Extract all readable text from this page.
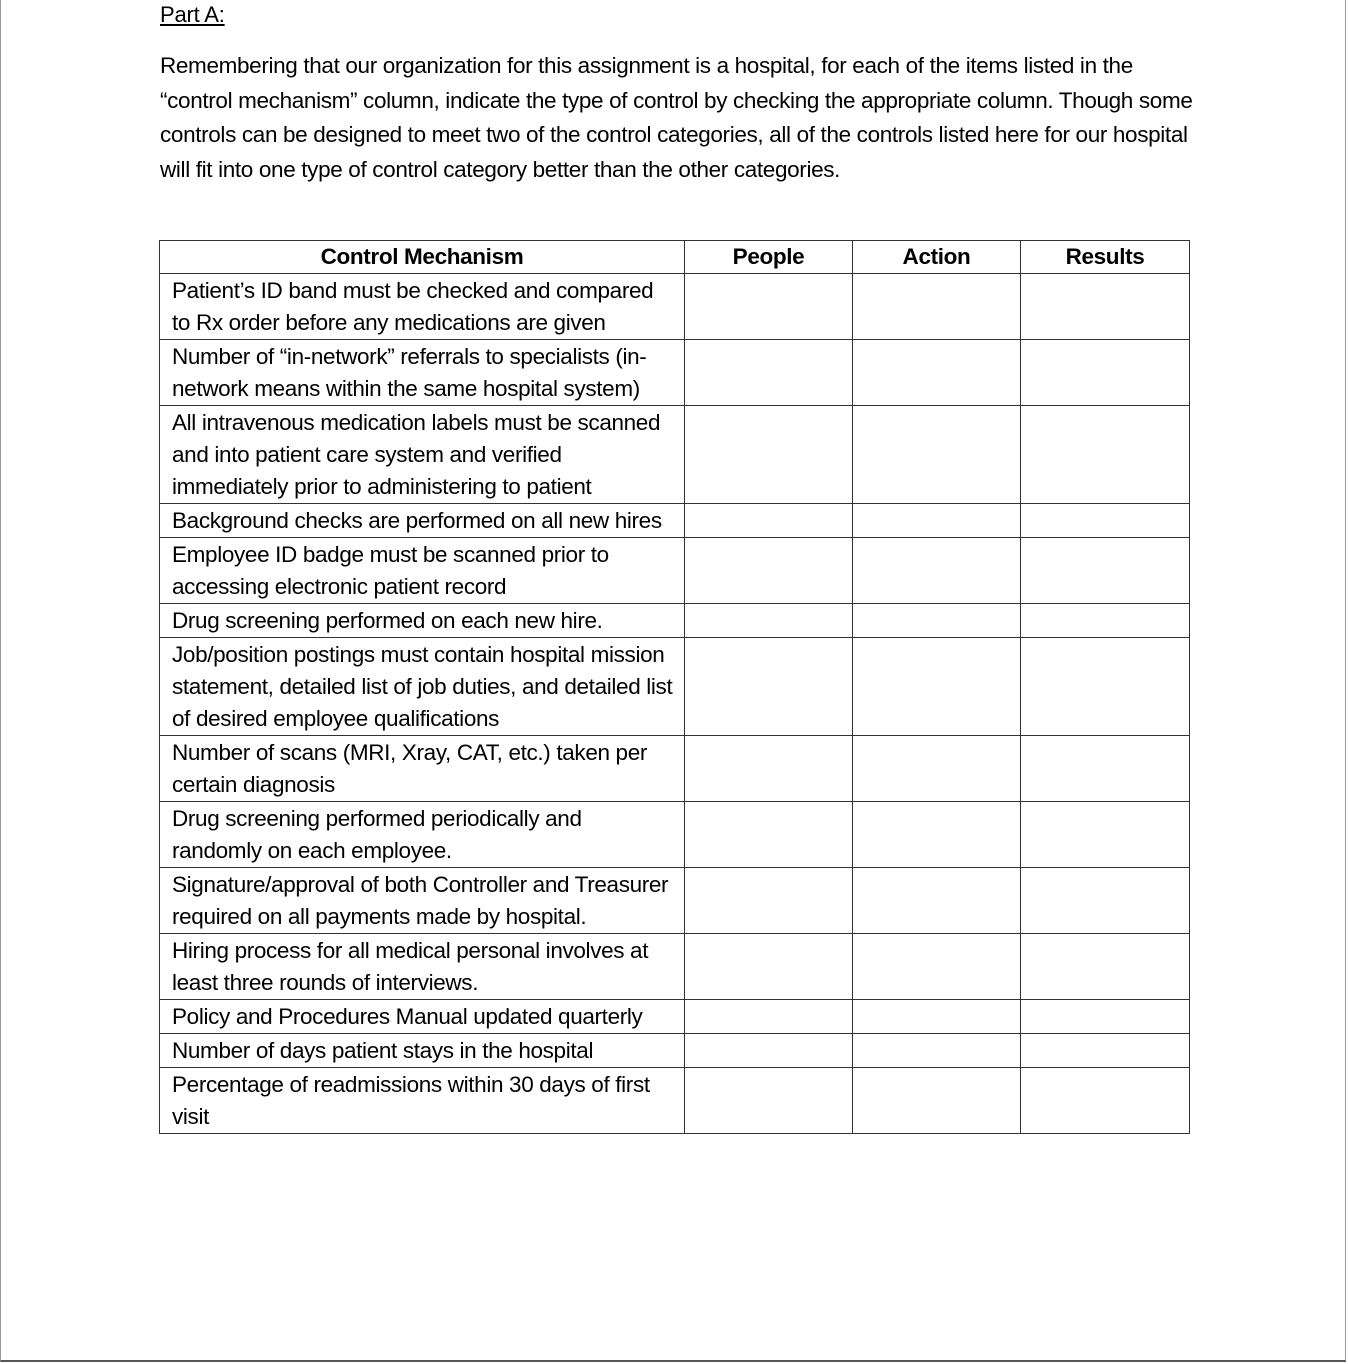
Part A:

Remembering that our organization for this assignment is a hospital, for each of the items listed in the “control mechanism” column, indicate the type of control by checking the appropriate column. Though some controls can be designed to meet two of the control categories, all of the controls listed here for our hospital will fit into one type of control category better than the other categories.

Control Mechanism	People	Action	Results
Patient’s ID band must be checked and compared to Rx order before any medications are given			
Number of “in-network” referrals to specialists (in-network means within the same hospital system)			
All intravenous medication labels must be scanned and into patient care system and verified immediately prior to administering to patient			
Background checks are performed on all new hires			
Employee ID badge must be scanned prior to accessing electronic patient record			
Drug screening performed on each new hire.			
Job/position postings must contain hospital mission statement, detailed list of job duties, and detailed list of desired employee qualifications			
Number of scans (MRI, Xray, CAT, etc.) taken per certain diagnosis			
Drug screening performed periodically and randomly on each employee.			
Signature/approval of both Controller and Treasurer required on all payments made by hospital.			
Hiring process for all medical personal involves at least three rounds of interviews.			
Policy and Procedures Manual updated quarterly			
Number of days patient stays in the hospital			
Percentage of readmissions within 30 days of first visit			
